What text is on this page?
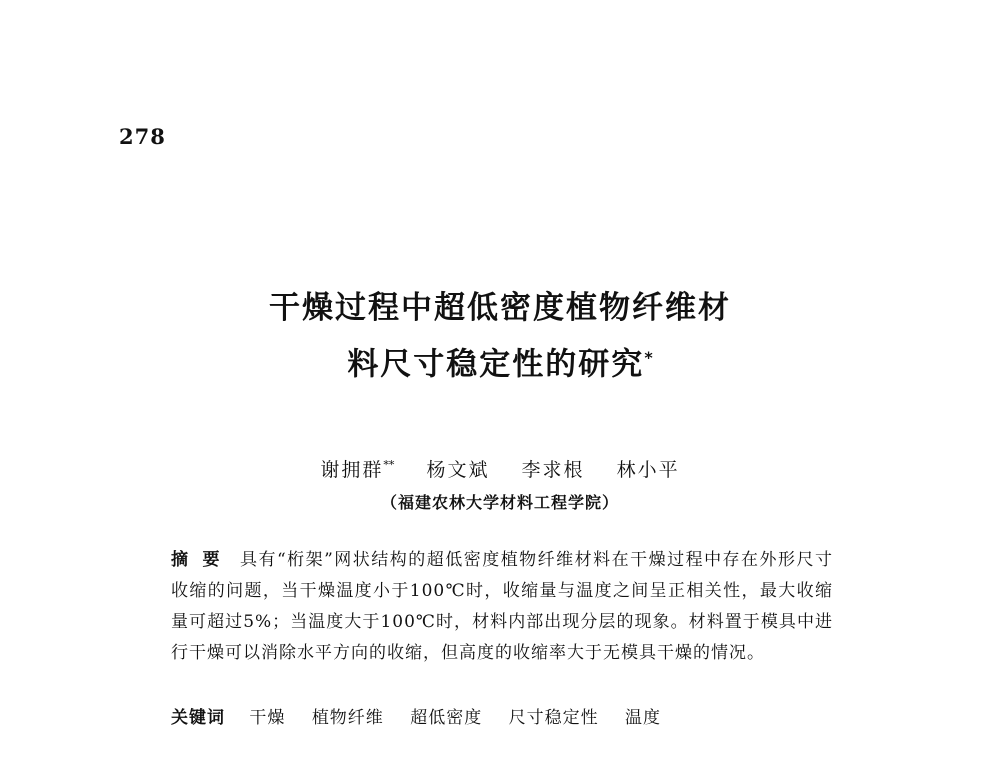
278
干燥过程中超低密度植物纤维材
料尺寸稳定性的研究*
谢拥群** 杨文斌 李求根 林小平
（福建农林大学材料工程学院）
摘要 具有“桁架”网状结构的超低密度植物纤维材料在干燥过程中存在外形尺寸收缩的问题，当干燥温度小于100℃时，收缩量与温度之间呈正相关性，最大收缩量可超过5%；当温度大于100℃时，材料内部出现分层的现象。材料置于模具中进行干燥可以消除水平方向的收缩，但高度的收缩率大于无模具干燥的情况。
关键词 干燥 植物纤维 超低密度 尺寸稳定性 温度
